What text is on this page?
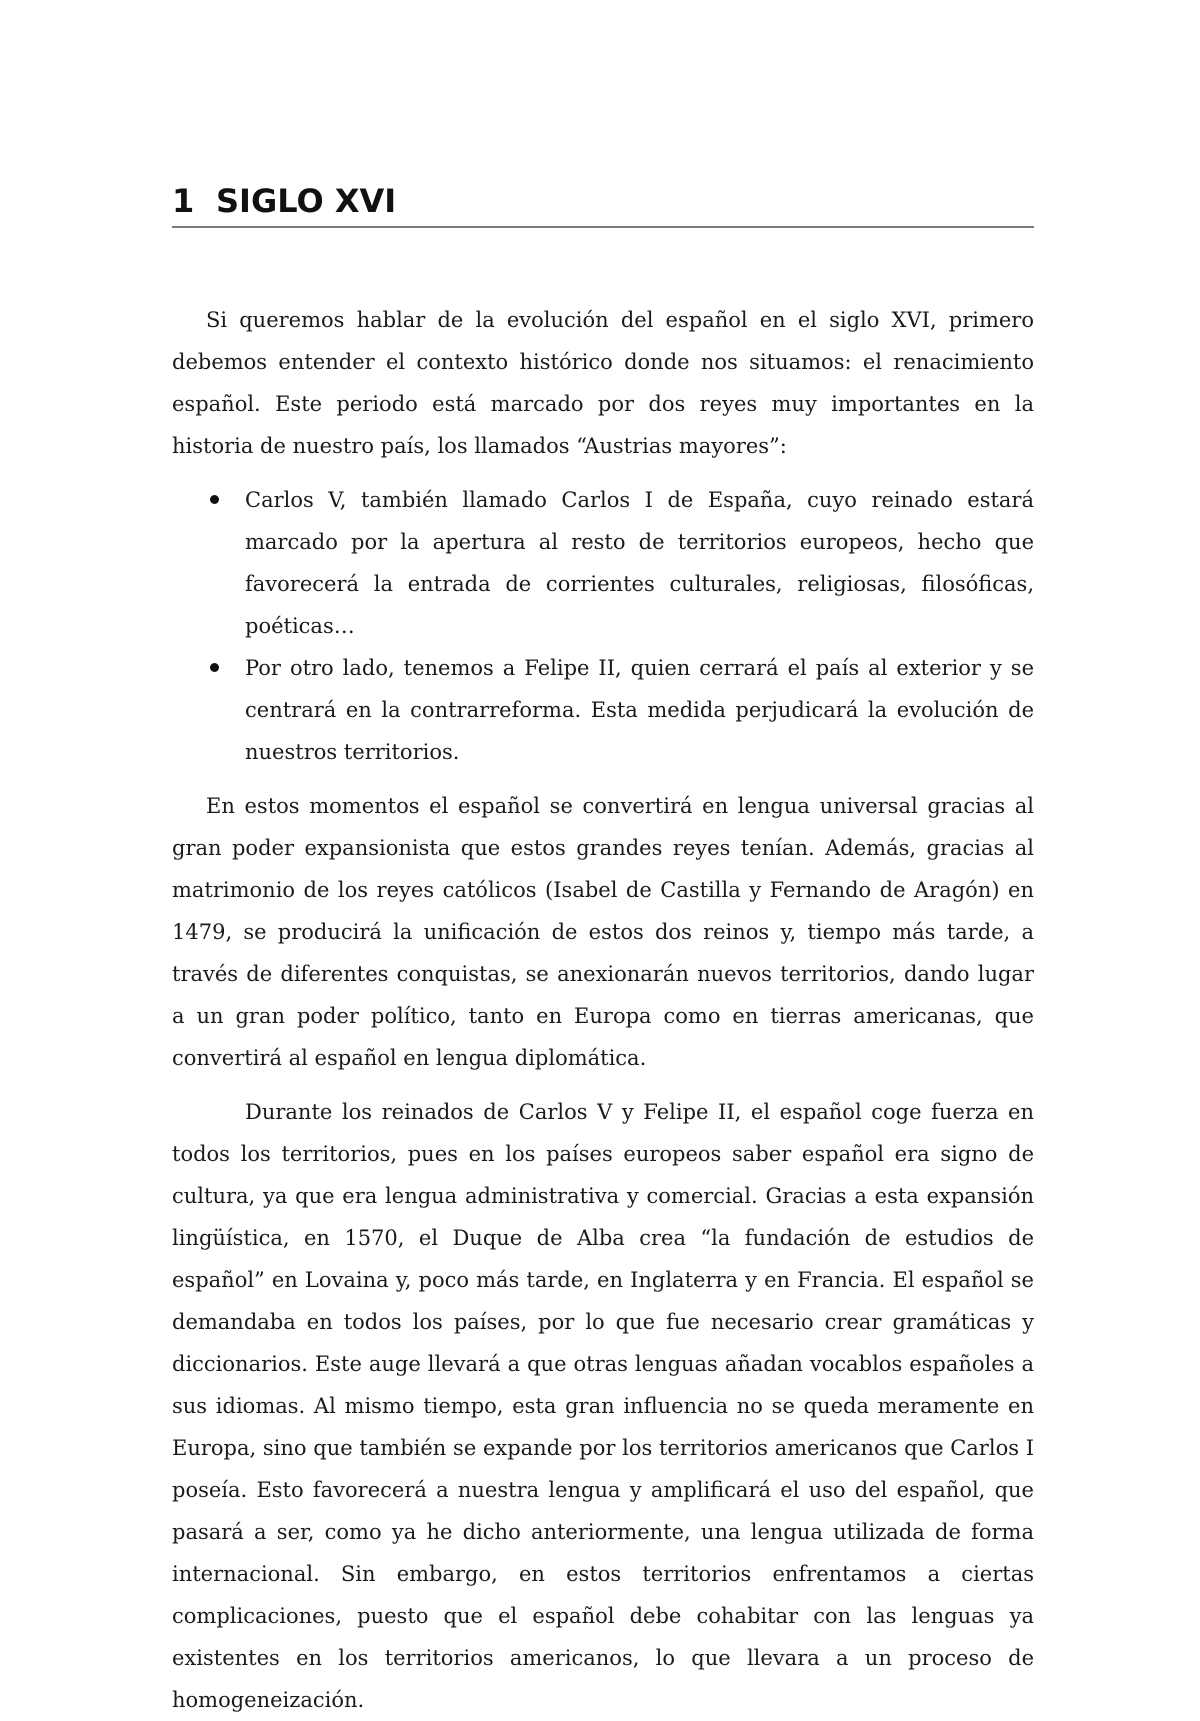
1 SIGLO XVI

Si queremos hablar de la evolución del español en el siglo XVI, primero debemos entender el contexto histórico donde nos situamos: el renacimiento español. Este periodo está marcado por dos reyes muy importantes en la historia de nuestro país, los llamados “Austrias mayores”:

Carlos V, también llamado Carlos I de España, cuyo reinado estará marcado por la apertura al resto de territorios europeos, hecho que favorecerá la entrada de corrientes culturales, religiosas, filosóficas, poéticas…
Por otro lado, tenemos a Felipe II, quien cerrará el país al exterior y se centrará en la contrarreforma. Esta medida perjudicará la evolución de nuestros territorios.

En estos momentos el español se convertirá en lengua universal gracias al gran poder expansionista que estos grandes reyes tenían. Además, gracias al matrimonio de los reyes católicos (Isabel de Castilla y Fernando de Aragón) en 1479, se producirá la unificación de estos dos reinos y, tiempo más tarde, a través de diferentes conquistas, se anexionarán nuevos territorios, dando lugar a un gran poder político, tanto en Europa como en tierras americanas, que convertirá al español en lengua diplomática.

Durante los reinados de Carlos V y Felipe II, el español coge fuerza en todos los territorios, pues en los países europeos saber español era signo de cultura, ya que era lengua administrativa y comercial. Gracias a esta expansión lingüística, en 1570, el Duque de Alba crea “la fundación de estudios de español” en Lovaina y, poco más tarde, en Inglaterra y en Francia. El español se demandaba en todos los países, por lo que fue necesario crear gramáticas y diccionarios. Este auge llevará a que otras lenguas añadan vocablos españoles a sus idiomas. Al mismo tiempo, esta gran influencia no se queda meramente en Europa, sino que también se expande por los territorios americanos que Carlos I poseía. Esto favorecerá a nuestra lengua y amplificará el uso del español, que pasará a ser, como ya he dicho anteriormente, una lengua utilizada de forma internacional. Sin embargo, en estos territorios enfrentamos a ciertas complicaciones, puesto que el español debe cohabitar con las lenguas ya existentes en los territorios americanos, lo que llevara a un proceso de homogeneización.
